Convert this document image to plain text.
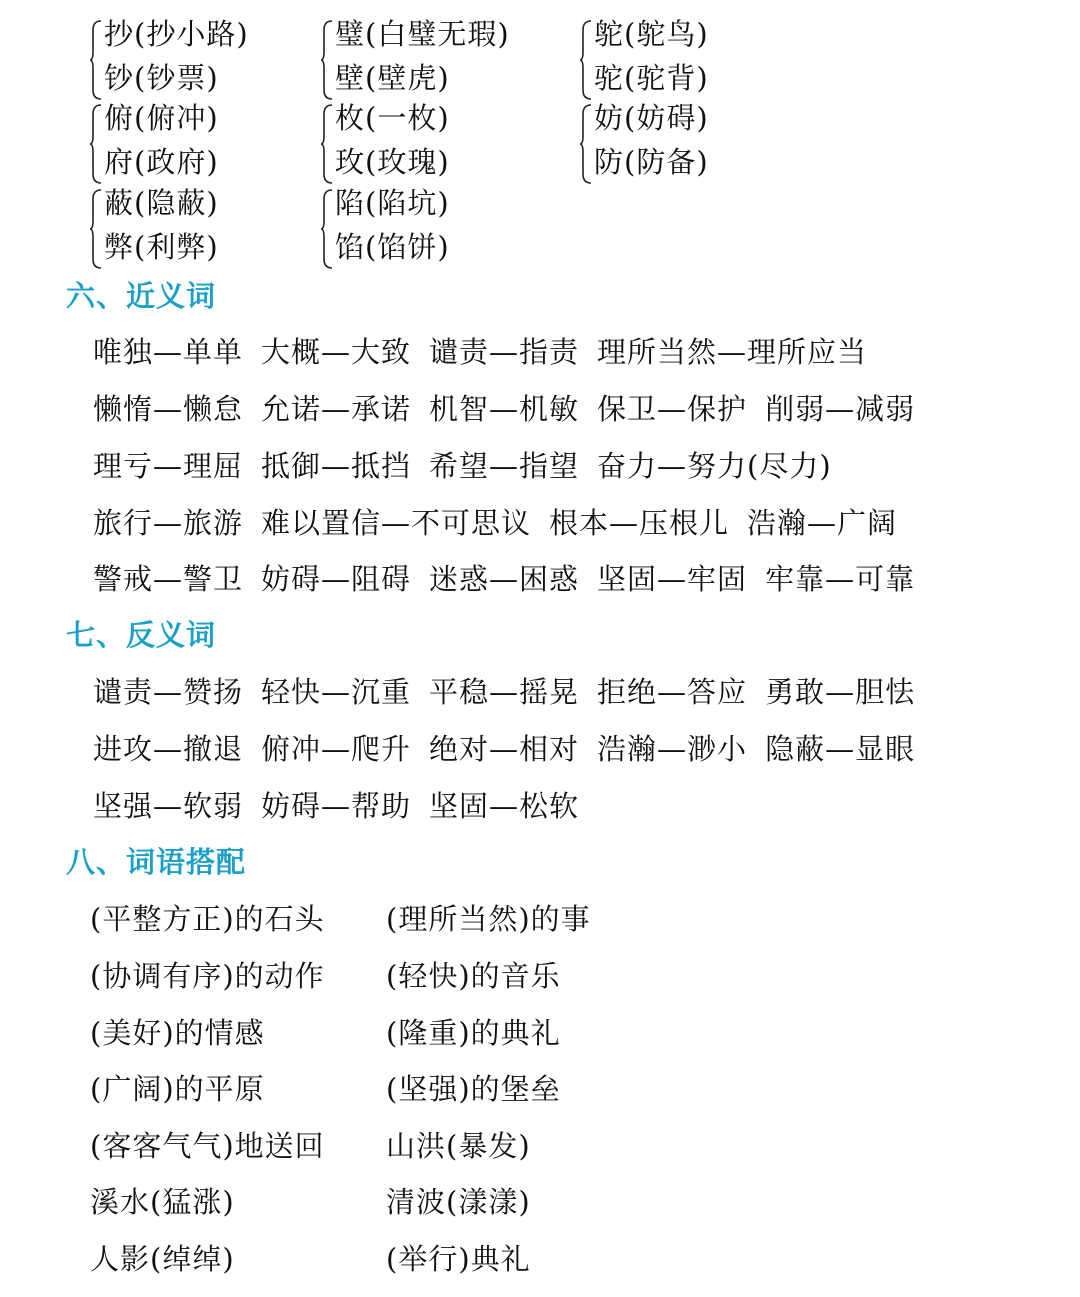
抄(抄小路)
钞(钞票)
璧(白璧无瑕)
壁(壁虎)
鸵(鸵鸟)
驼(驼背)
俯(俯冲)
府(政府)
枚(一枚)
玫(玫瑰)
妨(妨碍)
防(防备)
蔽(隐蔽)
弊(利弊)
陷(陷坑)
馅(馅饼)
六、近义词
唯独—单单 大概—大致 谴责—指责 理所当然—理所应当
懒惰—懒怠 允诺—承诺 机智—机敏 保卫—保护 削弱—减弱
理亏—理屈 抵御—抵挡 希望—指望 奋力—努力(尽力)
旅行—旅游 难以置信—不可思议 根本—压根儿 浩瀚—广阔
警戒—警卫 妨碍—阻碍 迷惑—困惑 坚固—牢固 牢靠—可靠
七、反义词
谴责—赞扬 轻快—沉重 平稳—摇晃 拒绝—答应 勇敢—胆怯
进攻—撤退 俯冲—爬升 绝对—相对 浩瀚—渺小 隐蔽—显眼
坚强—软弱 妨碍—帮助 坚固—松软
八、词语搭配
(平整方正)的石头
(协调有序)的动作
(美好)的情感
(广阔)的平原
(客客气气)地送回
溪水(猛涨)
人影(绰绰)
(理所当然)的事
(轻快)的音乐
(隆重)的典礼
(坚强)的堡垒
山洪(暴发)
清波(漾漾)
(举行)典礼
